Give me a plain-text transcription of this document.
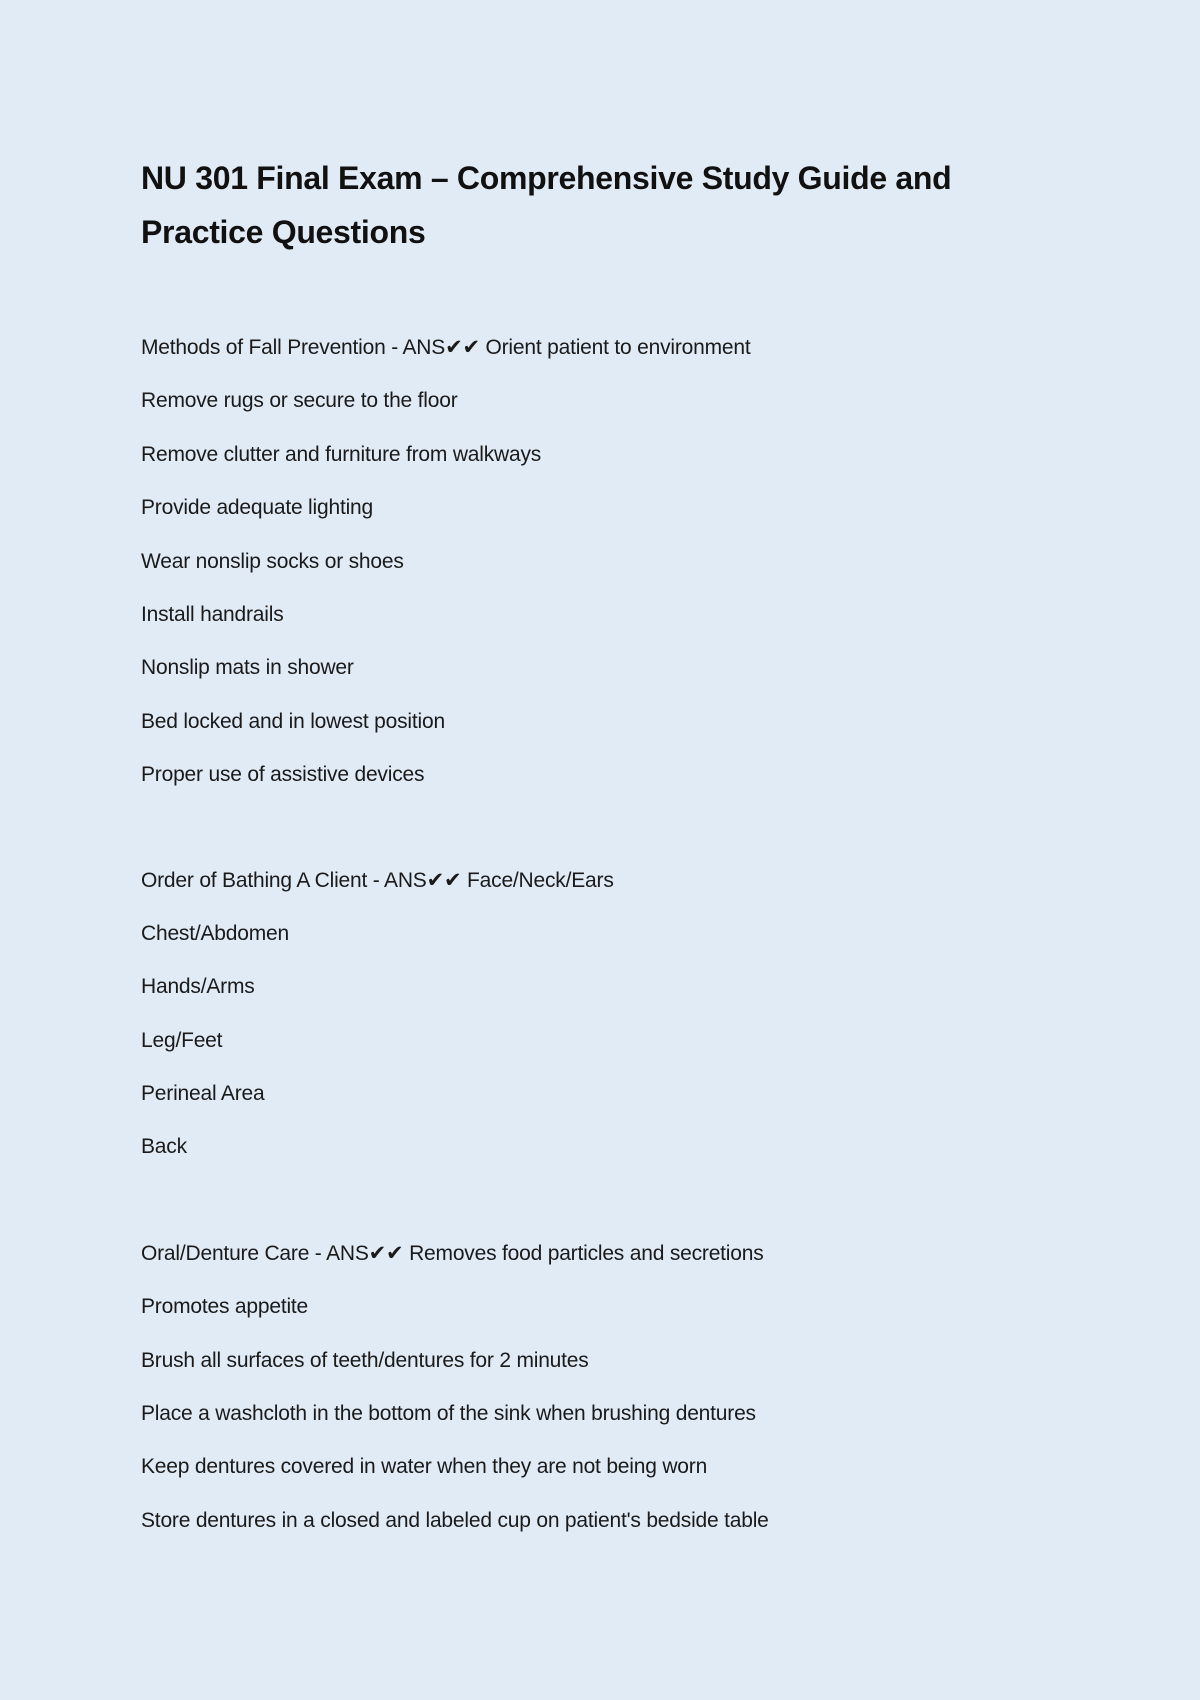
NU 301 Final Exam – Comprehensive Study Guide and Practice Questions
Methods of Fall Prevention - ANS✔✔ Orient patient to environment
Remove rugs or secure to the floor
Remove clutter and furniture from walkways
Provide adequate lighting
Wear nonslip socks or shoes
Install handrails
Nonslip mats in shower
Bed locked and in lowest position
Proper use of assistive devices
Order of Bathing A Client - ANS✔✔ Face/Neck/Ears
Chest/Abdomen
Hands/Arms
Leg/Feet
Perineal Area
Back
Oral/Denture Care - ANS✔✔ Removes food particles and secretions
Promotes appetite
Brush all surfaces of teeth/dentures for 2 minutes
Place a washcloth in the bottom of the sink when brushing dentures
Keep dentures covered in water when they are not being worn
Store dentures in a closed and labeled cup on patient's bedside table
